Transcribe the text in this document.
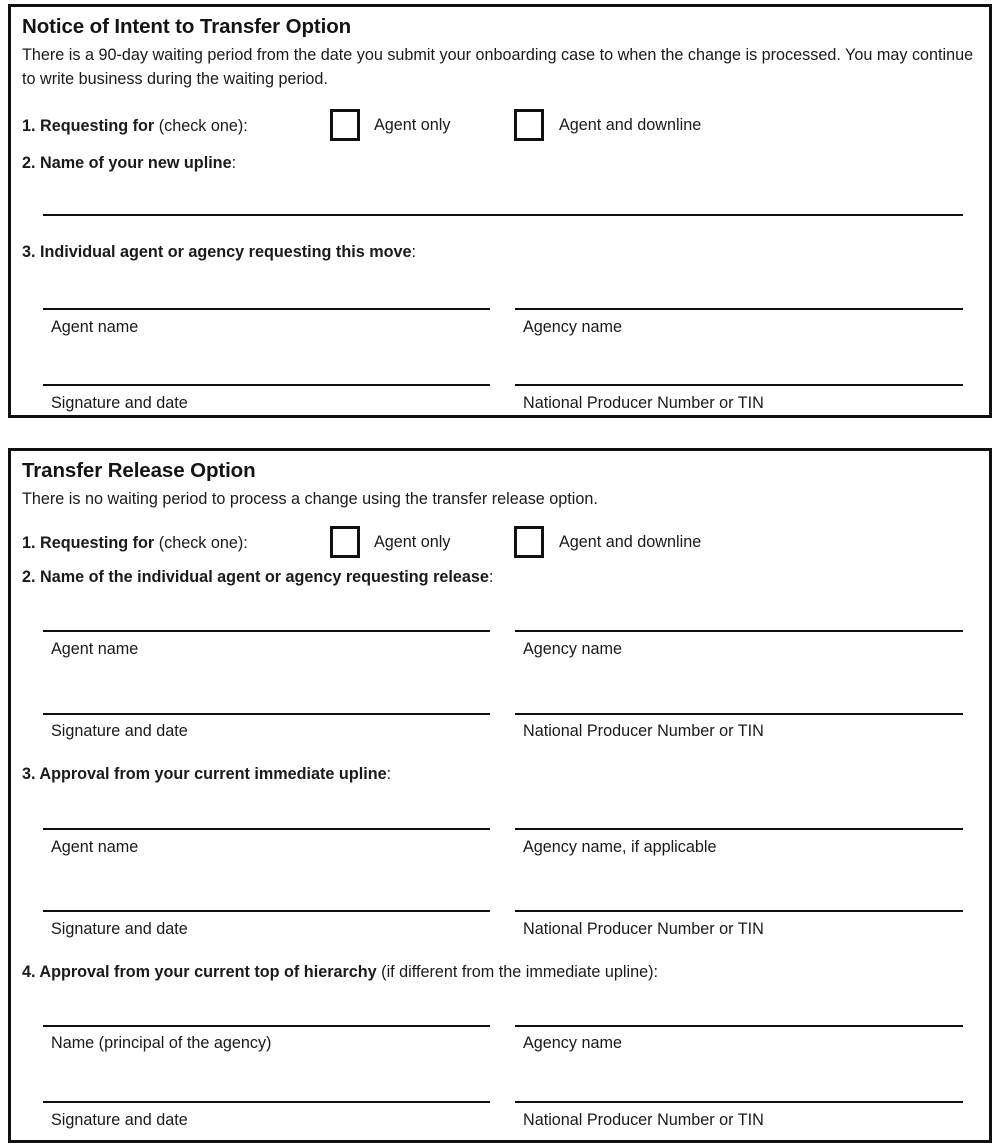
Notice of Intent to Transfer Option
There is a 90-day waiting period from the date you submit your onboarding case to when the change is processed. You may continue to write business during the waiting period.
1. Requesting for (check one):	Agent only	Agent and downline
2. Name of your new upline:
3. Individual agent or agency requesting this move:
Agent name	Agency name
Signature and date	National Producer Number or TIN
Transfer Release Option
There is no waiting period to process a change using the transfer release option.
1. Requesting for (check one):	Agent only	Agent and downline
2. Name of the individual agent or agency requesting release:
Agent name	Agency name
Signature and date	National Producer Number or TIN
3. Approval from your current immediate upline:
Agent name	Agency name, if applicable
Signature and date	National Producer Number or TIN
4. Approval from your current top of hierarchy (if different from the immediate upline):
Name (principal of the agency)	Agency name
Signature and date	National Producer Number or TIN
